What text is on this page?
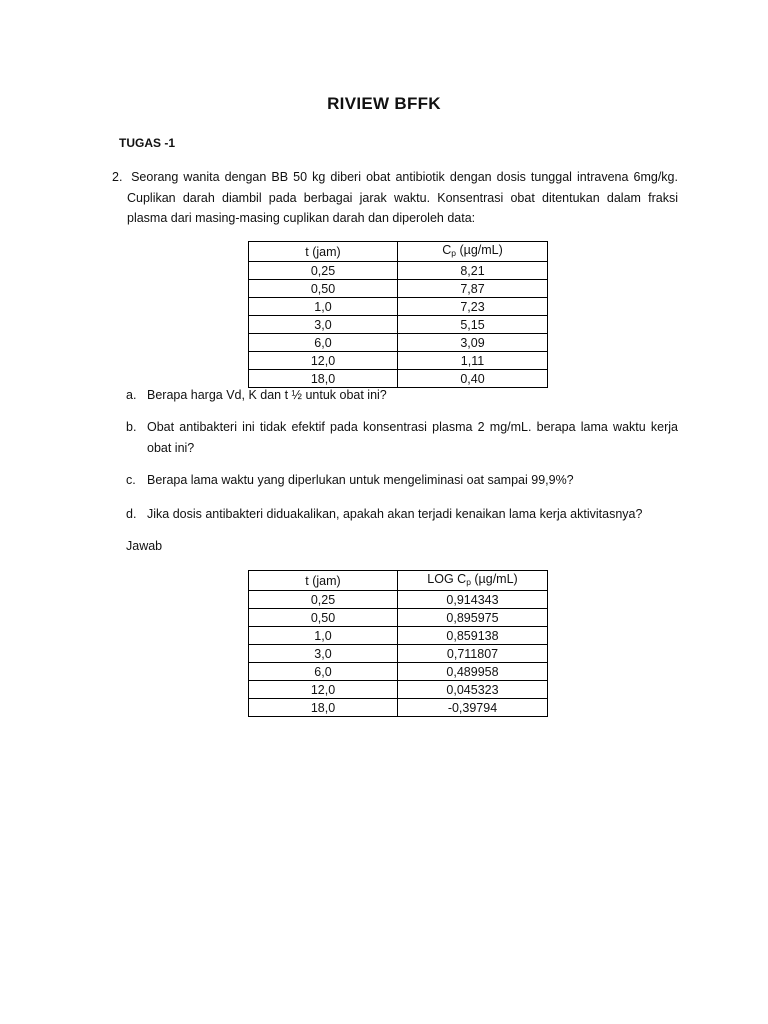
RIVIEW BFFK
TUGAS -1
2. Seorang wanita dengan BB 50 kg diberi obat antibiotik dengan dosis tunggal intravena 6mg/kg.
Cuplikan darah diambil pada berbagai jarak waktu. Konsentrasi obat ditentukan dalam fraksi
plasma dari masing-masing cuplikan darah dan diperoleh data:
t (jam)	$C_p$ (µg/mL)
0,25	8,21
0,50	7,87
1,0	7,23
3,0	5,15
6,0	3,09
12,0	1,11
18,0	0,40
a. Berapa harga Vd, K dan t ½ untuk obat ini?
b. Obat antibakteri ini tidak efektif pada konsentrasi plasma 2 mg/mL. berapa lama waktu kerja obat ini?
c. Berapa lama waktu yang diperlukan untuk mengeliminasi oat sampai 99,9%?
d. Jika dosis antibakteri diduakalikan, apakah akan terjadi kenaikan lama kerja aktivitasnya?
Jawab
t (jam)	LOG $C_p$ (µg/mL)
0,25	0,914343
0,50	0,895975
1,0	0,859138
3,0	0,711807
6,0	0,489958
12,0	0,045323
18,0	-0,39794
